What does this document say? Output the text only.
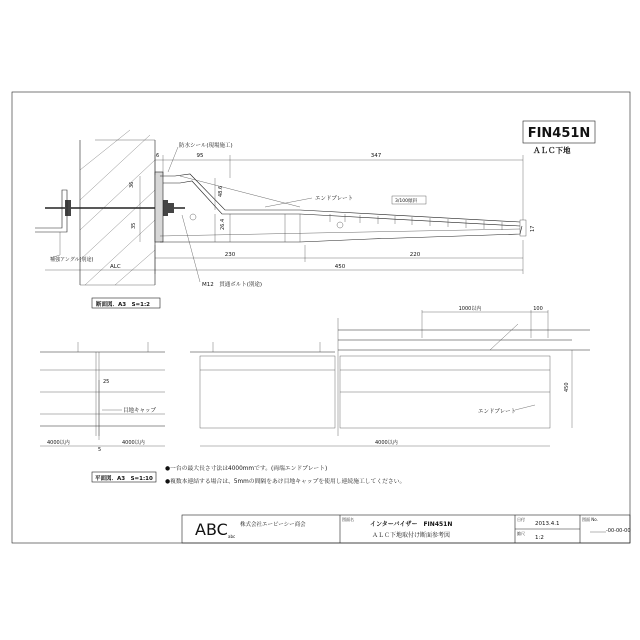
FIN451N
ＡＬＣ下地
6	95	347
36
35
48.6
26.4	17
230	220
450
ALC
防水シール(現場施工)
エンドプレート	3/100傾斜
補強アングル(別途)
M12　貫通ボルト(別途)
断面図．A3　S=1:2
25
目地キャップ
4000以内
5
4000以内
1000以内	100
450
エンドプレート
4000以内
平面図．A3　S=1:10
●一台の最大長さ寸法は4000mmです。(両端エンドプレート)
●複数本連結する場合は、5mmの間隔をあけ目地キャップを使用し連続施工してください。
ABC abc
株式会社エービーシー商会
図面名
インターバイザー　FIN451N
ＡＬＣ下地取付け断面参考図
日付
2013.4.1
縮尺
1:2
図面 No.
-00-00-00
